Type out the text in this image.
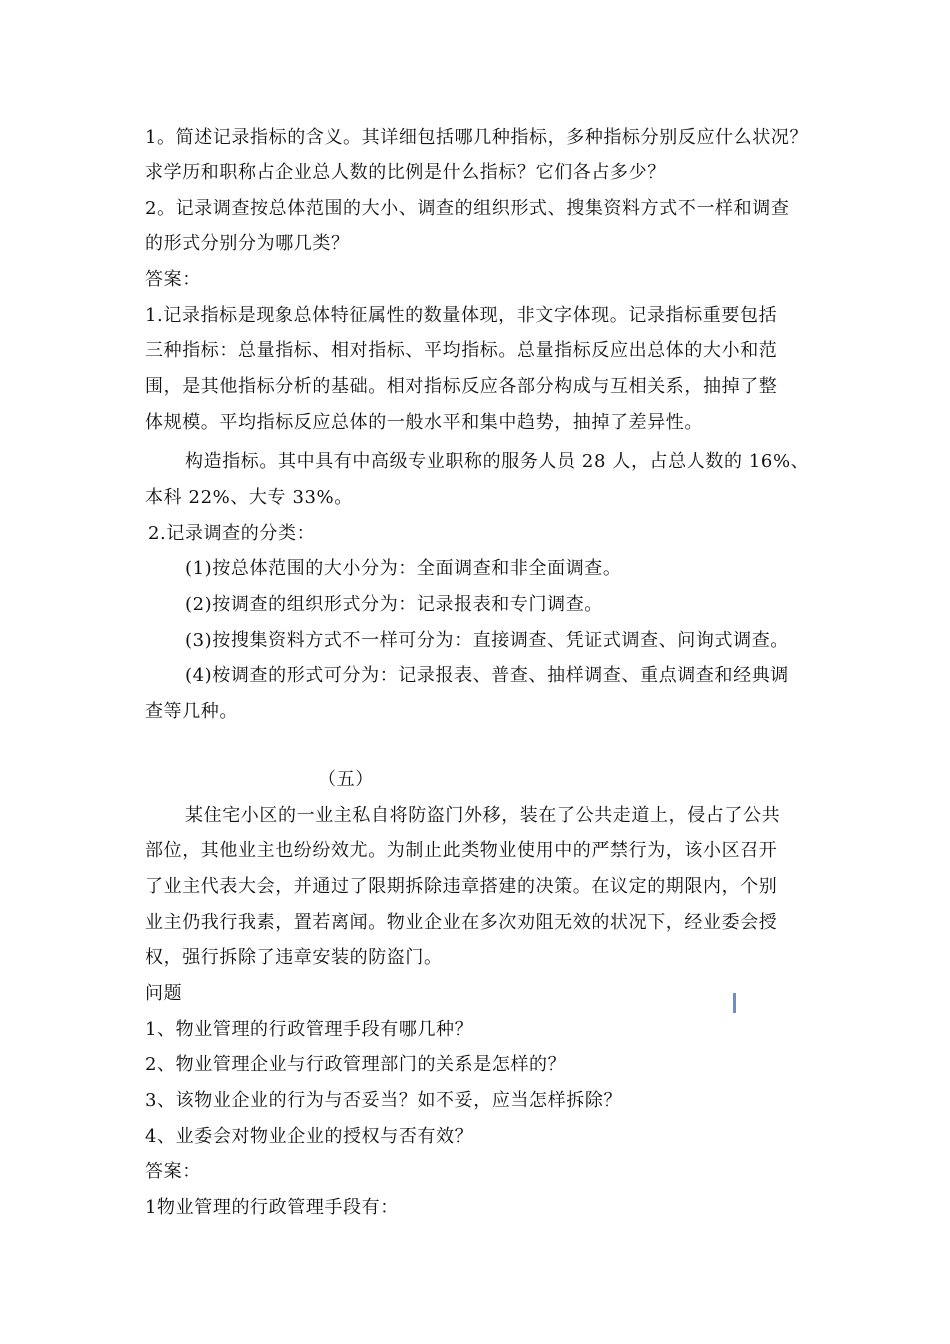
1。简述记录指标的含义。其详细包括哪几种指标，多种指标分别反应什么状况？
求学历和职称占企业总人数的比例是什么指标？它们各占多少？
2。记录调查按总体范围的大小、调查的组织形式、搜集资料方式不一样和调查
的形式分别分为哪几类？
答案：
1.记录指标是现象总体特征属性的数量体现，非文字体现。记录指标重要包括
三种指标：总量指标、相对指标、平均指标。总量指标反应出总体的大小和范
围，是其他指标分析的基础。相对指标反应各部分构成与互相关系，抽掉了整
体规模。平均指标反应总体的一般水平和集中趋势，抽掉了差异性。
构造指标。其中具有中高级专业职称的服务人员 28 人，占总人数的 16%、
本科 22%、大专 33%。
2.记录调查的分类：
(1)按总体范围的大小分为：全面调查和非全面调查。
(2)按调查的组织形式分为：记录报表和专门调查。
(3)按搜集资料方式不一样可分为：直接调查、凭证式调查、问询式调查。
(4)桉调查的形式可分为：记录报表、普查、抽样调查、重点调查和经典调
查等几种。
（五）
某住宅小区的一业主私自将防盗门外移，装在了公共走道上，侵占了公共
部位，其他业主也纷纷效尤。为制止此类物业使用中的严禁行为，该小区召开
了业主代表大会，并通过了限期拆除违章搭建的决策。在议定的期限内，个别
业主仍我行我素，置若离闻。物业企业在多次劝阻无效的状况下，经业委会授
权，强行拆除了违章安装的防盗门。
问题
1、物业管理的行政管理手段有哪几种？
2、物业管理企业与行政管理部门的关系是怎样的？
3、该物业企业的行为与否妥当？如不妥，应当怎样拆除？
4、业委会对物业企业的授权与否有效？
答案：
1物业管理的行政管理手段有：
